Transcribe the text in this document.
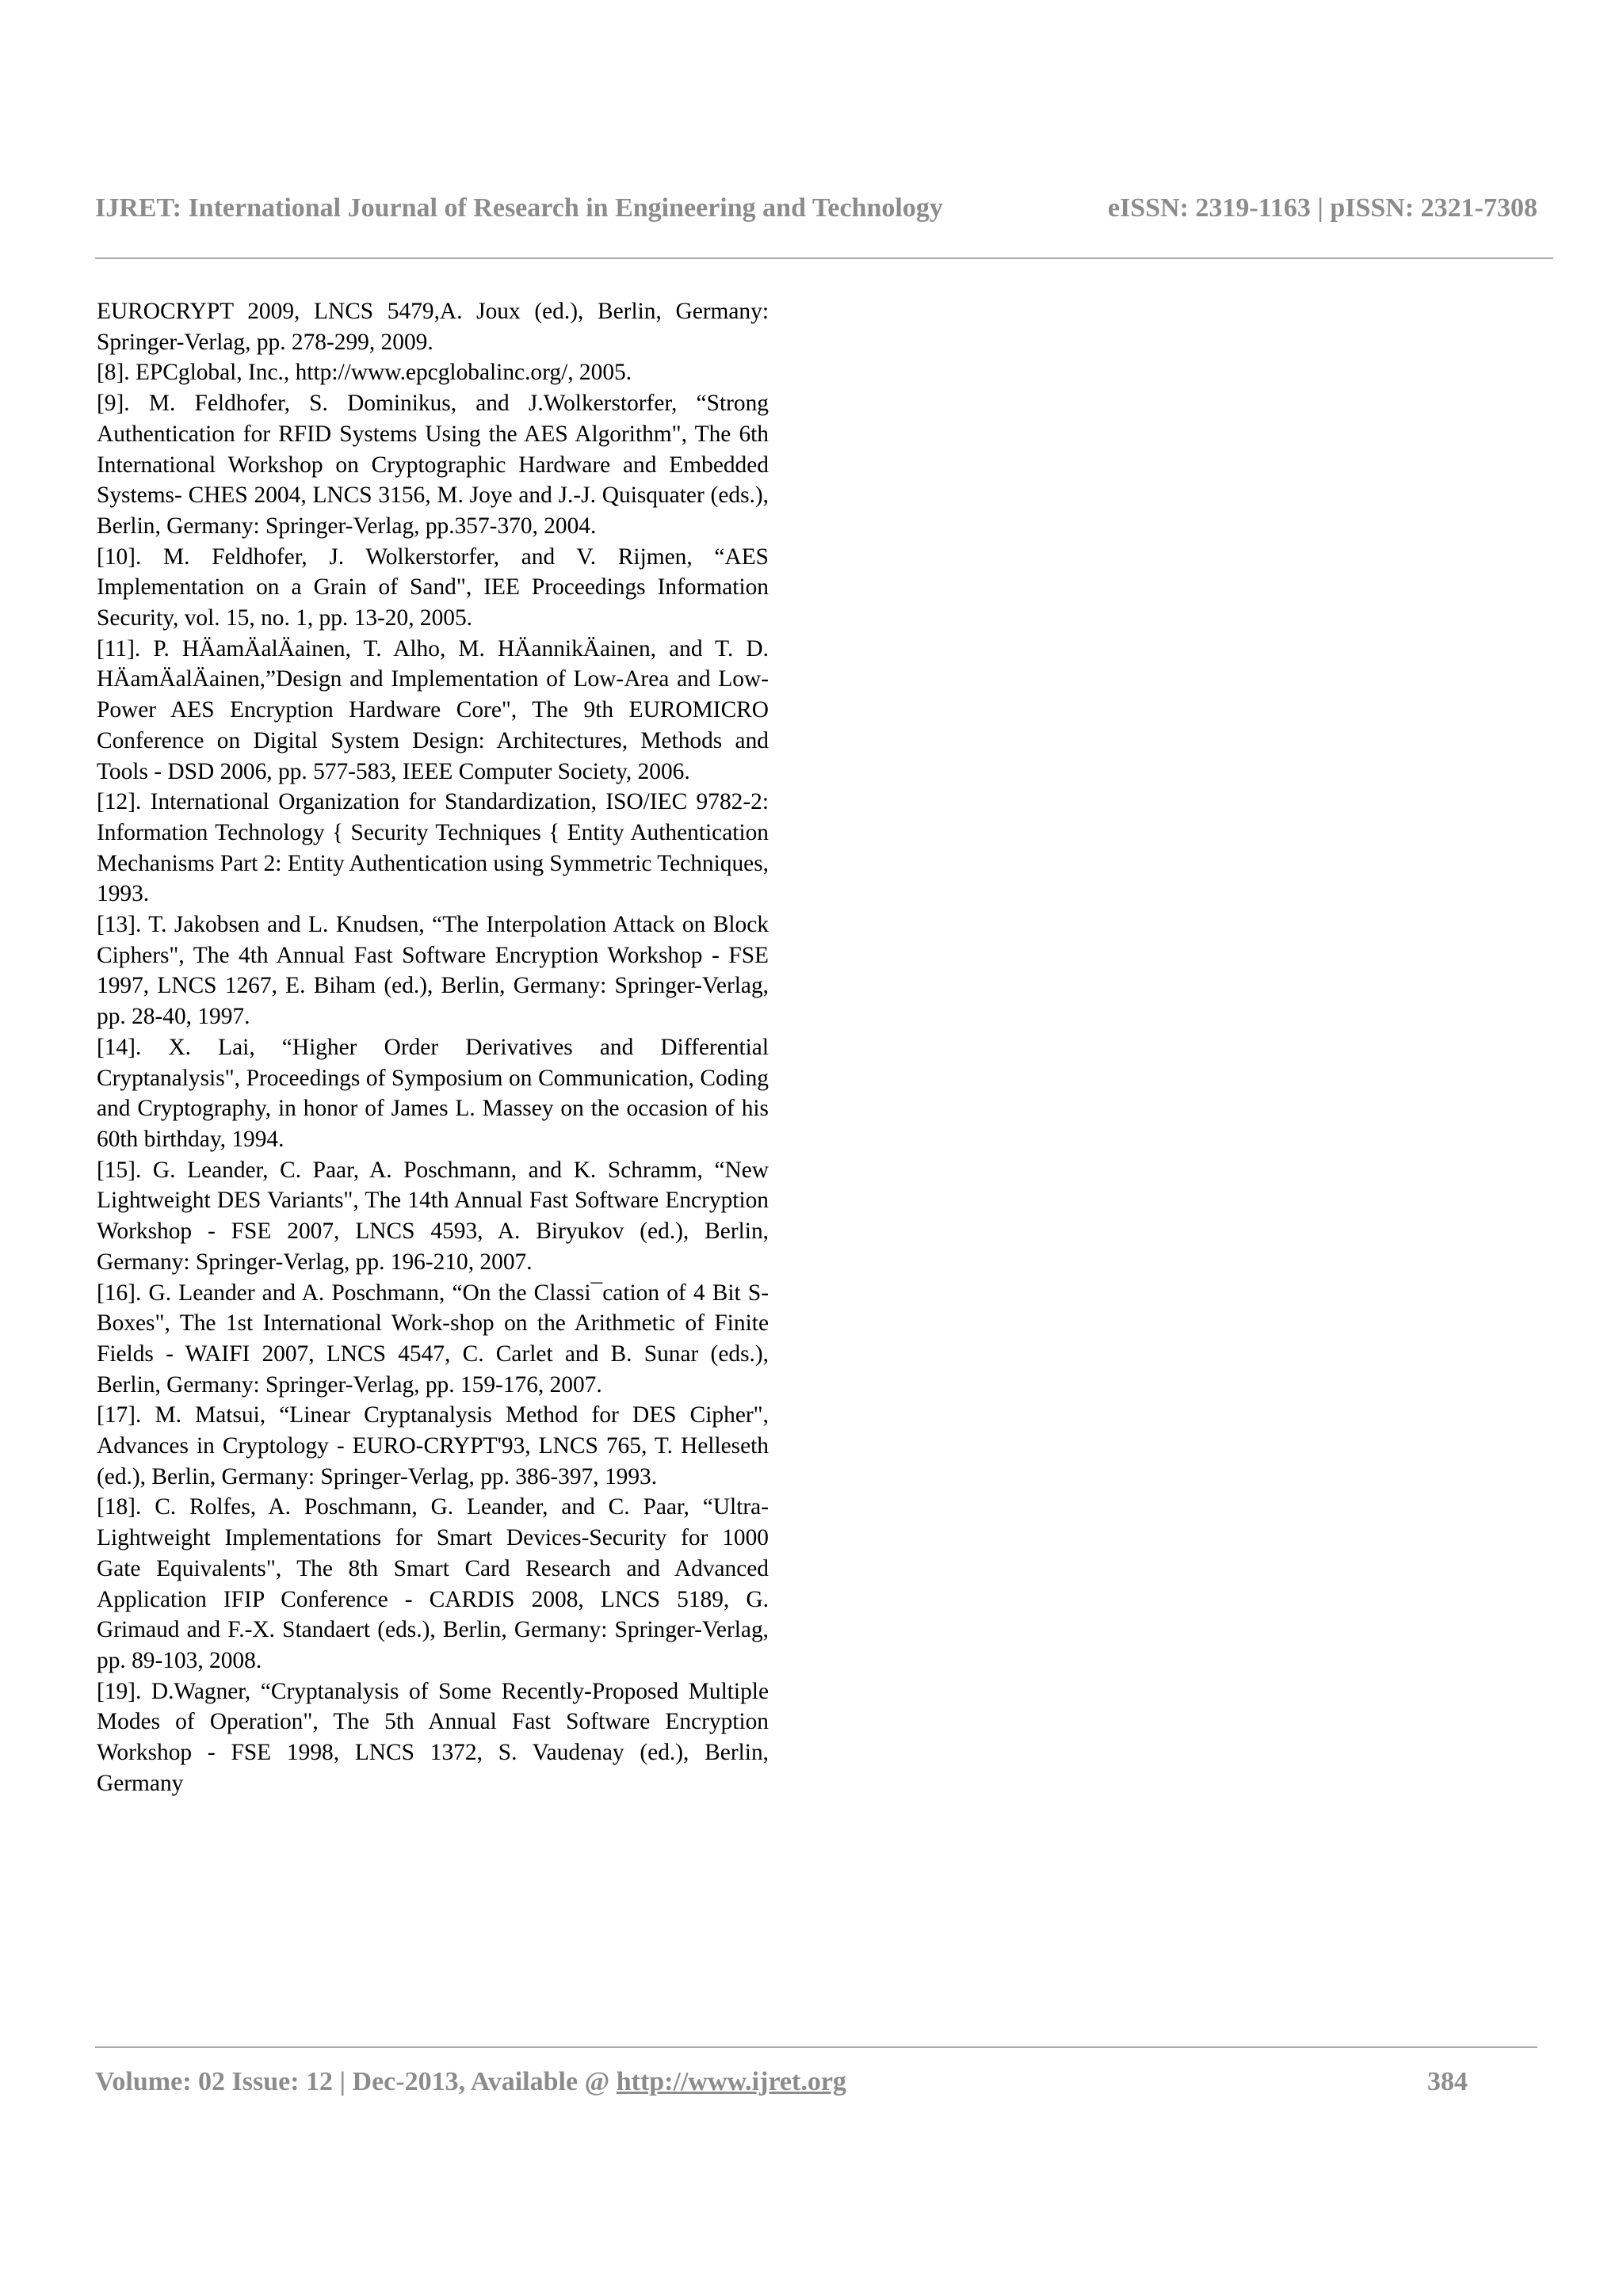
IJRET: International Journal of Research in Engineering and Technology	eISSN: 2319-1163 | pISSN: 2321-7308

EUROCRYPT 2009, LNCS 5479,A. Joux (ed.), Berlin, Germany: Springer-Verlag, pp. 278-299, 2009.

[8]. EPCglobal, Inc., http://www.epcglobalinc.org/, 2005.

[9]. M. Feldhofer, S. Dominikus, and J.Wolkerstorfer, “Strong Authentication for RFID Systems Using the AES Algorithm", The 6th International Workshop on Cryptographic Hardware and Embedded Systems- CHES 2004, LNCS 3156, M. Joye and J.-J. Quisquater (eds.), Berlin, Germany: Springer-Verlag, pp.357-370, 2004.

[10]. M. Feldhofer, J. Wolkerstorfer, and V. Rijmen, “AES Implementation on a Grain of Sand", IEE Proceedings Information Security, vol. 15, no. 1, pp. 13-20, 2005.

[11]. P. HÄamÄalÄainen, T. Alho, M. HÄannikÄainen, and T. D. HÄamÄalÄainen,”Design and Implementation of Low-Area and Low-Power AES Encryption Hardware Core", The 9th EUROMICRO Conference on Digital System Design: Architectures, Methods and Tools - DSD 2006, pp. 577-583, IEEE Computer Society, 2006.

[12]. International Organization for Standardization, ISO/IEC 9782-2: Information Technology { Security Techniques { Entity Authentication Mechanisms Part 2: Entity Authentication using Symmetric Techniques, 1993.

[13]. T. Jakobsen and L. Knudsen, “The Interpolation Attack on Block Ciphers", The 4th Annual Fast Software Encryption Workshop - FSE 1997, LNCS 1267, E. Biham (ed.), Berlin, Germany: Springer-Verlag, pp. 28-40, 1997.

[14]. X. Lai, “Higher Order Derivatives and Differential Cryptanalysis", Proceedings of Symposium on Communication, Coding and Cryptography, in honor of James L. Massey on the occasion of his 60th birthday, 1994.

[15]. G. Leander, C. Paar, A. Poschmann, and K. Schramm, “New Lightweight DES Variants", The 14th Annual Fast Software Encryption Workshop - FSE 2007, LNCS 4593, A. Biryukov (ed.), Berlin, Germany: Springer-Verlag, pp. 196-210, 2007.

[16]. G. Leander and A. Poschmann, “On the Classi¯cation of 4 Bit S-Boxes", The 1st International Work-shop on the Arithmetic of Finite Fields - WAIFI 2007, LNCS 4547, C. Carlet and B. Sunar (eds.), Berlin, Germany: Springer-Verlag, pp. 159-176, 2007.

[17]. M. Matsui, “Linear Cryptanalysis Method for DES Cipher", Advances in Cryptology - EURO-CRYPT'93, LNCS 765, T. Helleseth (ed.), Berlin, Germany: Springer-Verlag, pp. 386-397, 1993.

[18]. C. Rolfes, A. Poschmann, G. Leander, and C. Paar, “Ultra-Lightweight Implementations for Smart Devices-Security for 1000 Gate Equivalents", The 8th Smart Card Research and Advanced Application IFIP Conference - CARDIS 2008, LNCS 5189, G. Grimaud and F.-X. Standaert (eds.), Berlin, Germany: Springer-Verlag, pp. 89-103, 2008.

[19]. D.Wagner, “Cryptanalysis of Some Recently-Proposed Multiple Modes of Operation", The 5th Annual Fast Software Encryption Workshop - FSE 1998, LNCS 1372, S. Vaudenay (ed.), Berlin, Germany

Volume: 02 Issue: 12 | Dec-2013, Available @ http://www.ijret.org	384
